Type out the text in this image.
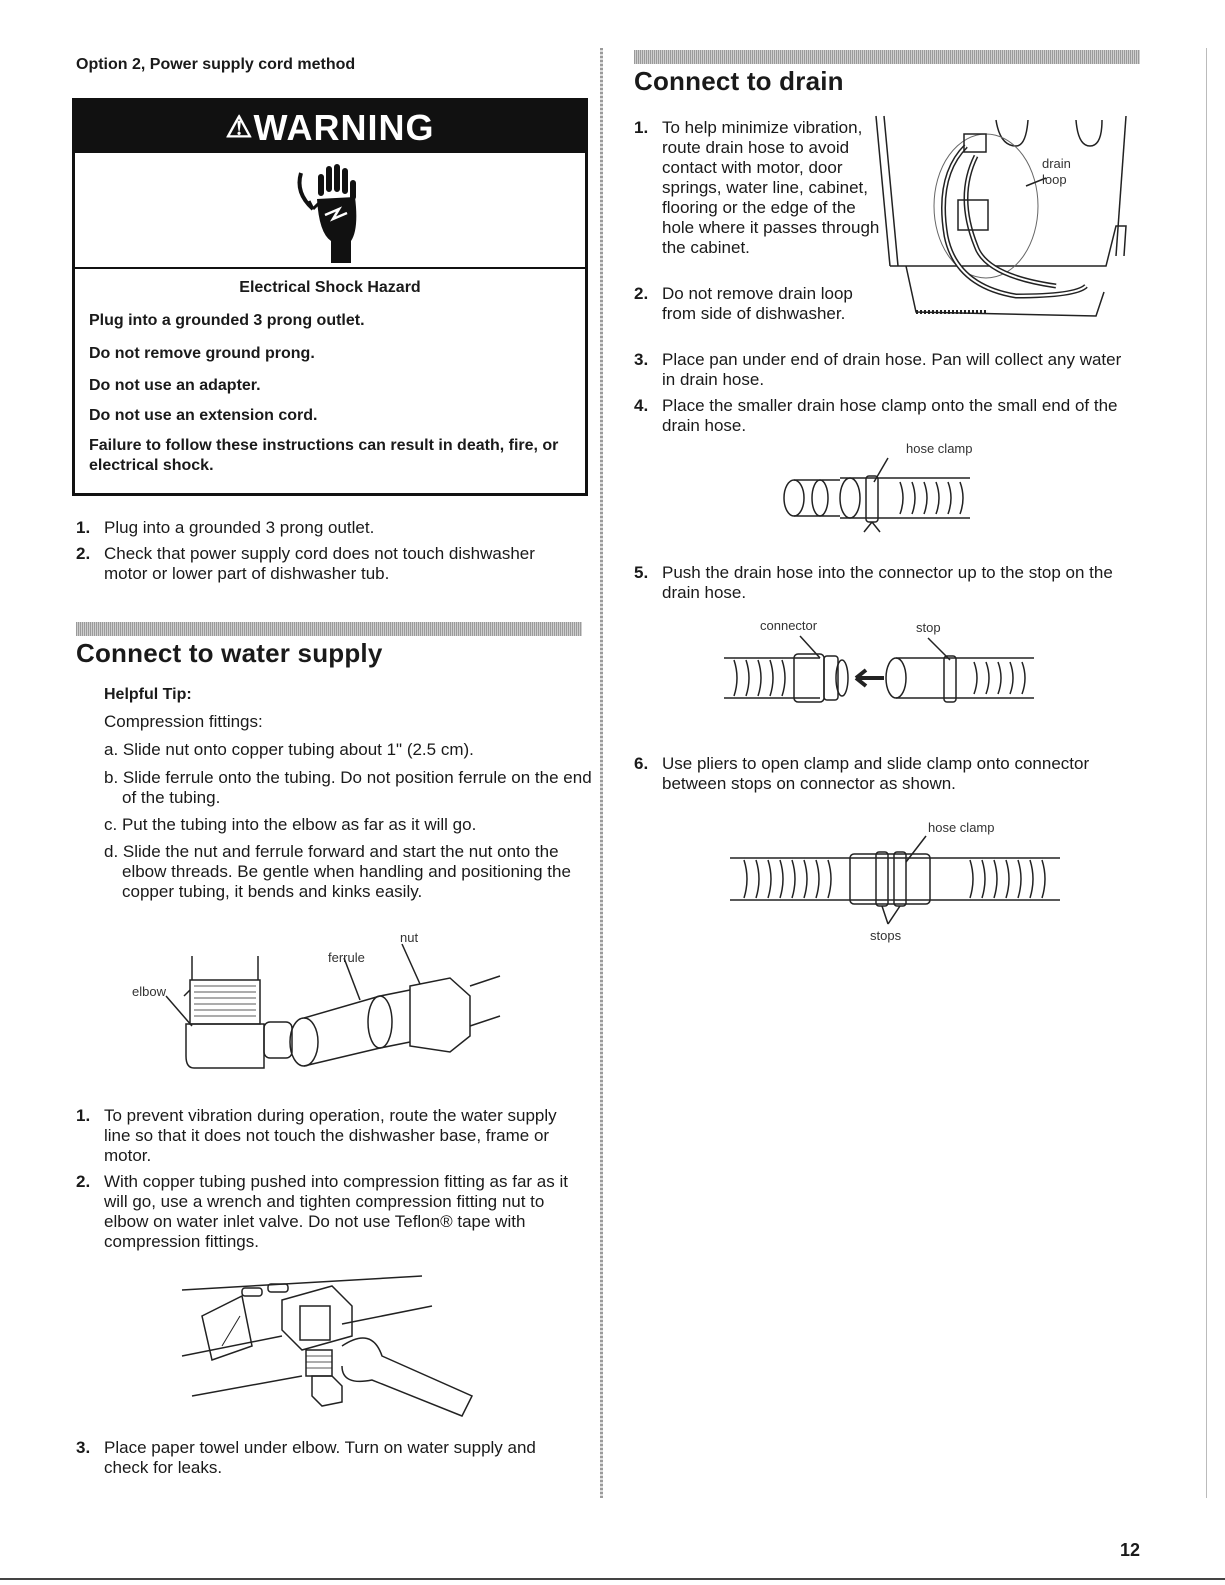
Option 2, Power supply cord method
⚠WARNING
Electrical Shock Hazard
Plug into a grounded 3 prong outlet.
Do not remove ground prong.
Do not use an adapter.
Do not use an extension cord.
Failure to follow these instructions can result in death, fire, or electrical shock.
1. Plug into a grounded 3 prong outlet.
2. Check that power supply cord does not touch dishwasher motor or lower part of dishwasher tub.
Connect to water supply
Helpful Tip:
Compression fittings:
a. Slide nut onto copper tubing about 1" (2.5 cm).
b. Slide ferrule onto the tubing. Do not position ferrule on the end of the tubing.
c. Put the tubing into the elbow as far as it will go.
d. Slide the nut and ferrule forward and start the nut onto the elbow threads. Be gentle when handling and positioning the copper tubing, it bends and kinks easily.
elbow
ferrule
nut
1. To prevent vibration during operation, route the water supply line so that it does not touch the dishwasher base, frame or motor.
2. With copper tubing pushed into compression fitting as far as it will go, use a wrench and tighten compression fitting nut to elbow on water inlet valve. Do not use Teflon® tape with compression fittings.
3. Place paper towel under elbow. Turn on water supply and check for leaks.
Connect to drain
1. To help minimize vibration, route drain hose to avoid contact with motor, door springs, water line, cabinet, flooring or the edge of the hole where it passes through the cabinet.
2. Do not remove drain loop from side of dishwasher.
drain
loop
3. Place pan under end of drain hose. Pan will collect any water in drain hose.
4. Place the smaller drain hose clamp onto the small end of the drain hose.
hose clamp
5. Push the drain hose into the connector up to the stop on the drain hose.
connector	stop
6. Use pliers to open clamp and slide clamp onto connector between stops on connector as shown.
hose clamp
stops
12
